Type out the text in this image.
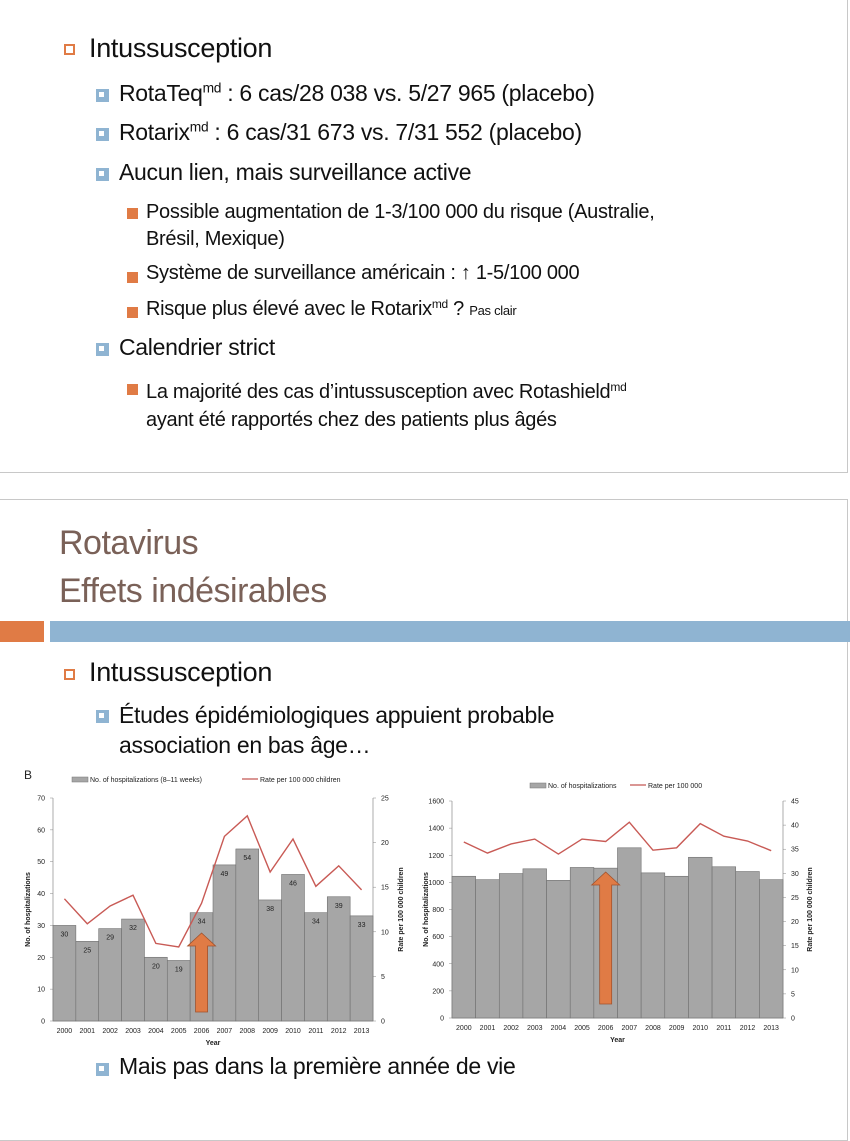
Intussusception
RotaTeq$^{md}$ : 6 cas/28 038 vs. 5/27 965 (placebo)
Rotarix$^{md}$ : 6 cas/31 673 vs. 7/31 552 (placebo)
Aucun lien, mais surveillance active
Possible augmentation de 1-3/100 000 du risque (Australie,
Brésil, Mexique)
Système de surveillance américain : ↑ 1-5/100 000
Risque plus élevé avec le Rotarix$^{md}$ ? Pas clair
Calendrier strict
La majorité des cas d’intussusception avec Rotashield$^{md}$
ayant été rapportés chez des patients plus âgés
Rotavirus
Effets indésirables
Intussusception
Études épidémiologiques appuient probable
association en bas âge…
Mais pas dans la première année de vie
B	No. of hospitalizations (8–11 weeks)	Rate per 100 000 children
0
10
20
30
40
50
60
70
0
5
10
15
20
25
30
2000
25
2001
29
2002
32
2003
20
2004
19
2005
34
2006
49
2007
54
2008
38
2009
46
2010
34
2011
39
2012
33
2013
Year
No. of hospitalizations	Rate per 100 000 children
No. of hospitalizations	Rate per 100 000
0
200
400
600
800
1000
1200
1400
1600
0
5
10
15
20
25
30
35
40
45
2000 2001 2002 2003 2004 2005 2006 2007 2008 2009 2010 2011 2012 2013
Year
No. of hospitalizations	Rate per 100 000 children
